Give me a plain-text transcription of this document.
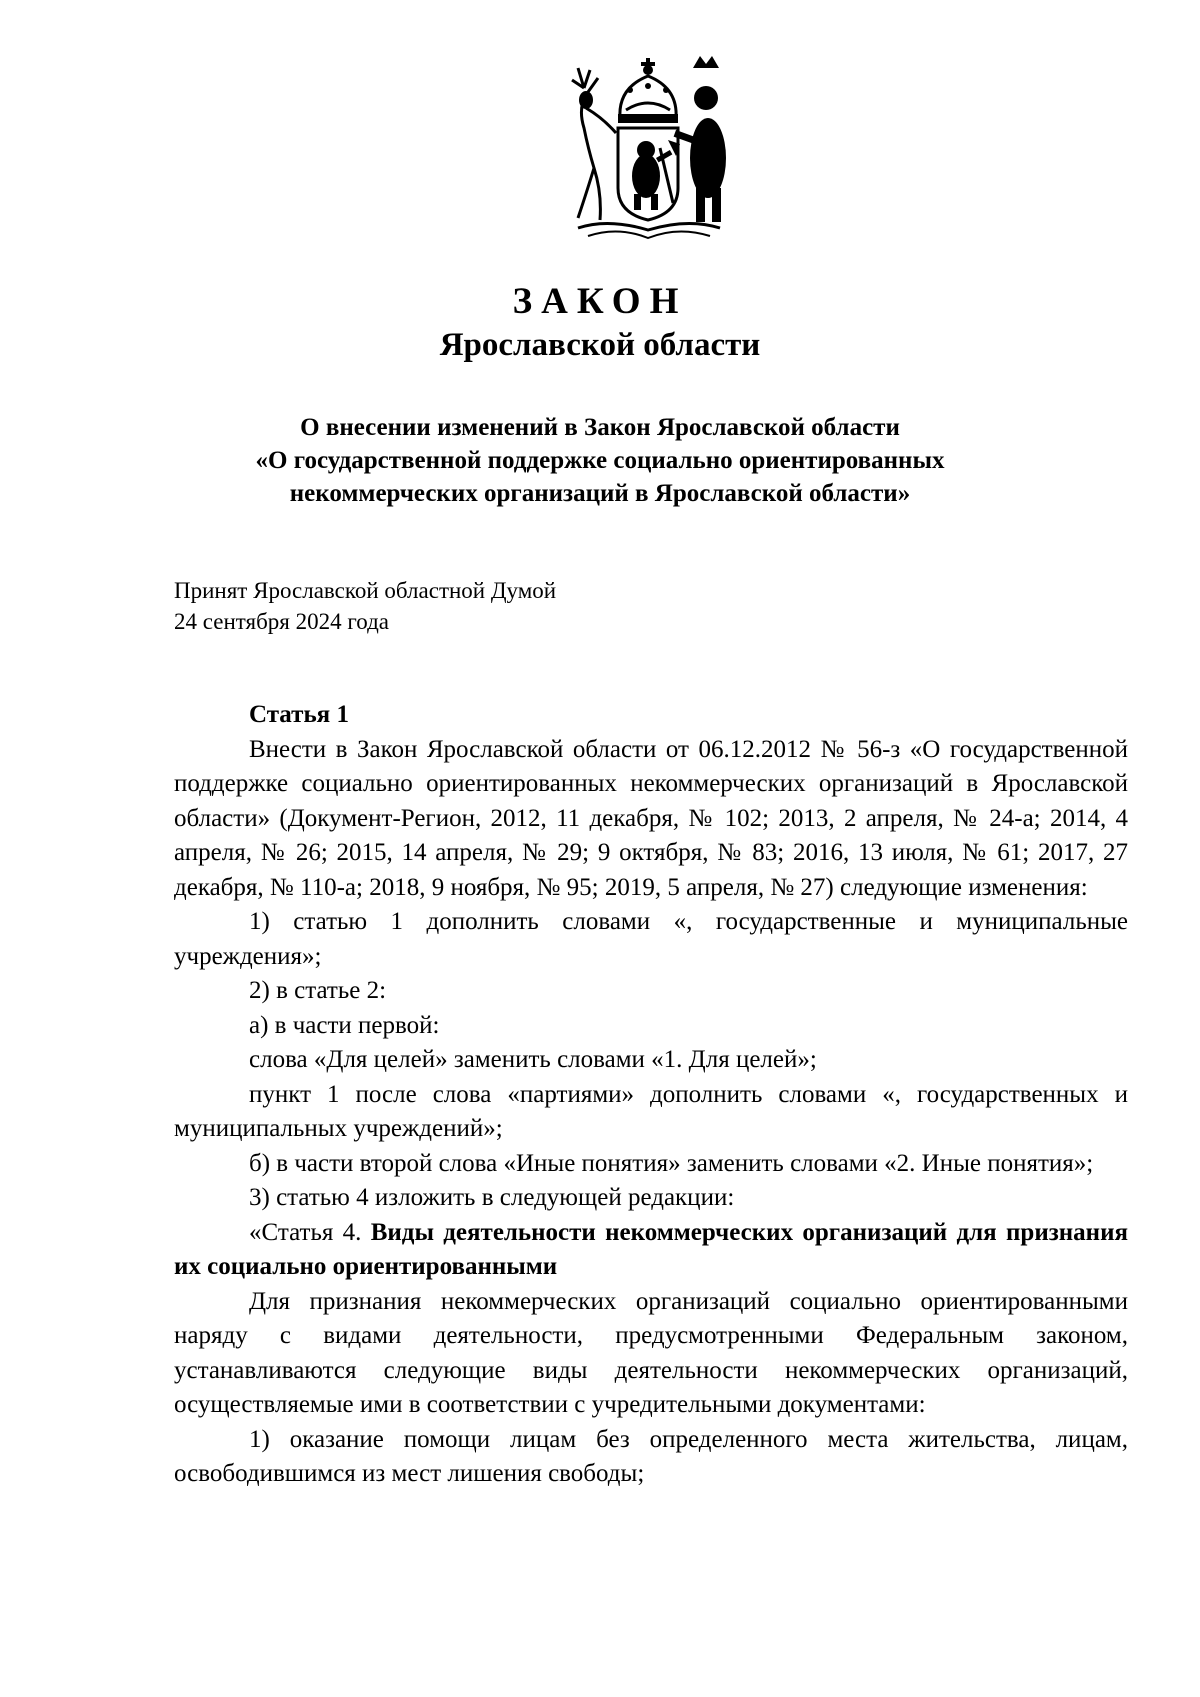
ЗАКОН
Ярославской области
О внесении изменений в Закон Ярославской области
«О государственной поддержке социально ориентированных
некоммерческих организаций в Ярославской области»
Принят Ярославской областной Думой
24 сентября 2024 года
Статья 1

Внести в Закон Ярославской области от 06.12.2012 № 56-з «О государственной поддержке социально ориентированных некоммерческих организаций в Ярославской области» (Документ-Регион, 2012, 11 декабря, № 102; 2013, 2 апреля, № 24-а; 2014, 4 апреля, № 26; 2015, 14 апреля, № 29; 9 октября, № 83; 2016, 13 июля, № 61; 2017, 27 декабря, № 110-а; 2018, 9 ноября, № 95; 2019, 5 апреля, № 27) следующие изменения:

1) статью 1 дополнить словами «, государственные и муниципальные учреждения»;

2) в статье 2:

а) в части первой:

слова «Для целей» заменить словами «1. Для целей»;

пункт 1 после слова «партиями» дополнить словами «, государственных и муниципальных учреждений»;

б) в части второй слова «Иные понятия» заменить словами «2. Иные понятия»;

3) статью 4 изложить в следующей редакции:

«Статья 4. Виды деятельности некоммерческих организаций для признания их социально ориентированными

Для признания некоммерческих организаций социально ориентированными наряду с видами деятельности, предусмотренными Федеральным законом, устанавливаются следующие виды деятельности некоммерческих организаций, осуществляемые ими в соответствии с учредительными документами:

1) оказание помощи лицам без определенного места жительства, лицам, освободившимся из мест лишения свободы;
